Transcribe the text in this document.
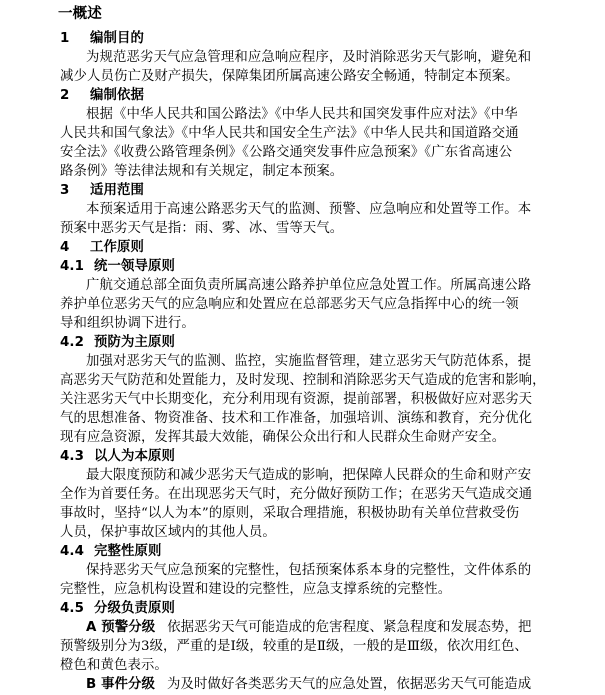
一概述
1 编制目的
为规范恶劣天气应急管理和应急响应程序，及时消除恶劣天气影响，避免和
减少人员伤亡及财产损失，保障集团所属高速公路安全畅通，特制定本预案。
2 编制依据
根据《中华人民共和国公路法》《中华人民共和国突发事件应对法》《中华
人民共和国气象法》《中华人民共和国安全生产法》《中华人民共和国道路交通
安全法》《收费公路管理条例》《公路交通突发事件应急预案》《广东省高速公
路条例》等法律法规和有关规定，制定本预案。
3 适用范围
本预案适用于高速公路恶劣天气的监测、预警、应急响应和处置等工作。本
预案中恶劣天气是指：雨、雾、冰、雪等天气。
4 工作原则
4.1 统一领导原则
广航交通总部全面负责所属高速公路养护单位应急处置工作。所属高速公路
养护单位恶劣天气的应急响应和处置应在总部恶劣天气应急指挥中心的统一领
导和组织协调下进行。
4.2 预防为主原则
加强对恶劣天气的监测、监控，实施监督管理，建立恶劣天气防范体系，提
高恶劣天气防范和处置能力，及时发现、控制和消除恶劣天气造成的危害和影响，
关注恶劣天气中长期变化，充分利用现有资源，提前部署，积极做好应对恶劣天
气的思想准备、物资准备、技术和工作准备，加强培训、演练和教育，充分优化
现有应急资源，发挥其最大效能，确保公众出行和人民群众生命财产安全。
4.3 以人为本原则
最大限度预防和减少恶劣天气造成的影响，把保障人民群众的生命和财产安
全作为首要任务。在出现恶劣天气时，充分做好预防工作；在恶劣天气造成交通
事故时，坚持“以人为本”的原则，采取合理措施，积极协助有关单位营救受伤
人员，保护事故区域内的其他人员。
4.4 完整性原则
保持恶劣天气应急预案的完整性，包括预案体系本身的完整性，文件体系的
完整性，应急机构设置和建设的完整性，应急支撑系统的完整性。
4.5 分级负责原则
A 预警分级 依据恶劣天气可能造成的危害程度、紧急程度和发展态势，把
预警级别分为3级，严重的是Ⅰ级，较重的是Ⅱ级，一般的是Ⅲ级，依次用红色、
橙色和黄色表示。
B 事件分级 为及时做好各类恶劣天气的应急处置，依据恶劣天气可能造成
